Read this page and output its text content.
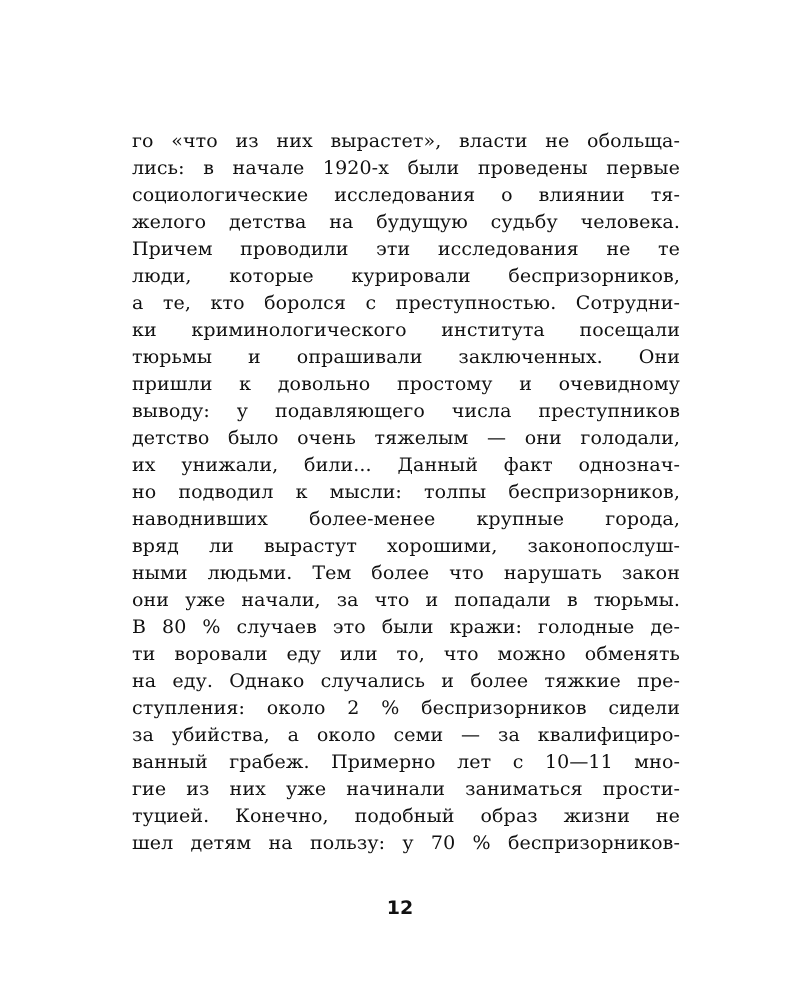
го «что из них вырастет», власти не обольща-
лись: в начале 1920-х были проведены первые
социологические исследования о влиянии тя-
желого детства на будущую судьбу человека.
Причем проводили эти исследования не те
люди, которые курировали беспризорников,
а те, кто боролся с преступностью. Сотрудни-
ки криминологического института посещали
тюрьмы и опрашивали заключенных. Они
пришли к довольно простому и очевидному
выводу: у подавляющего числа преступников
детство было очень тяжелым — они голодали,
их унижали, били... Данный факт однознач-
но подводил к мысли: толпы беспризорников,
наводнивших более-менее крупные города,
вряд ли вырастут хорошими, законопослуш-
ными людьми. Тем более что нарушать закон
они уже начали, за что и попадали в тюрьмы.
В 80 % случаев это были кражи: голодные де-
ти воровали еду или то, что можно обменять
на еду. Однако случались и более тяжкие пре-
ступления: около 2 % беспризорников сидели
за убийства, а около семи — за квалифициро-
ванный грабеж. Примерно лет с 10—11 мно-
гие из них уже начинали заниматься прости-
туцией. Конечно, подобный образ жизни не
шел детям на пользу: у 70 % беспризорников-
12
